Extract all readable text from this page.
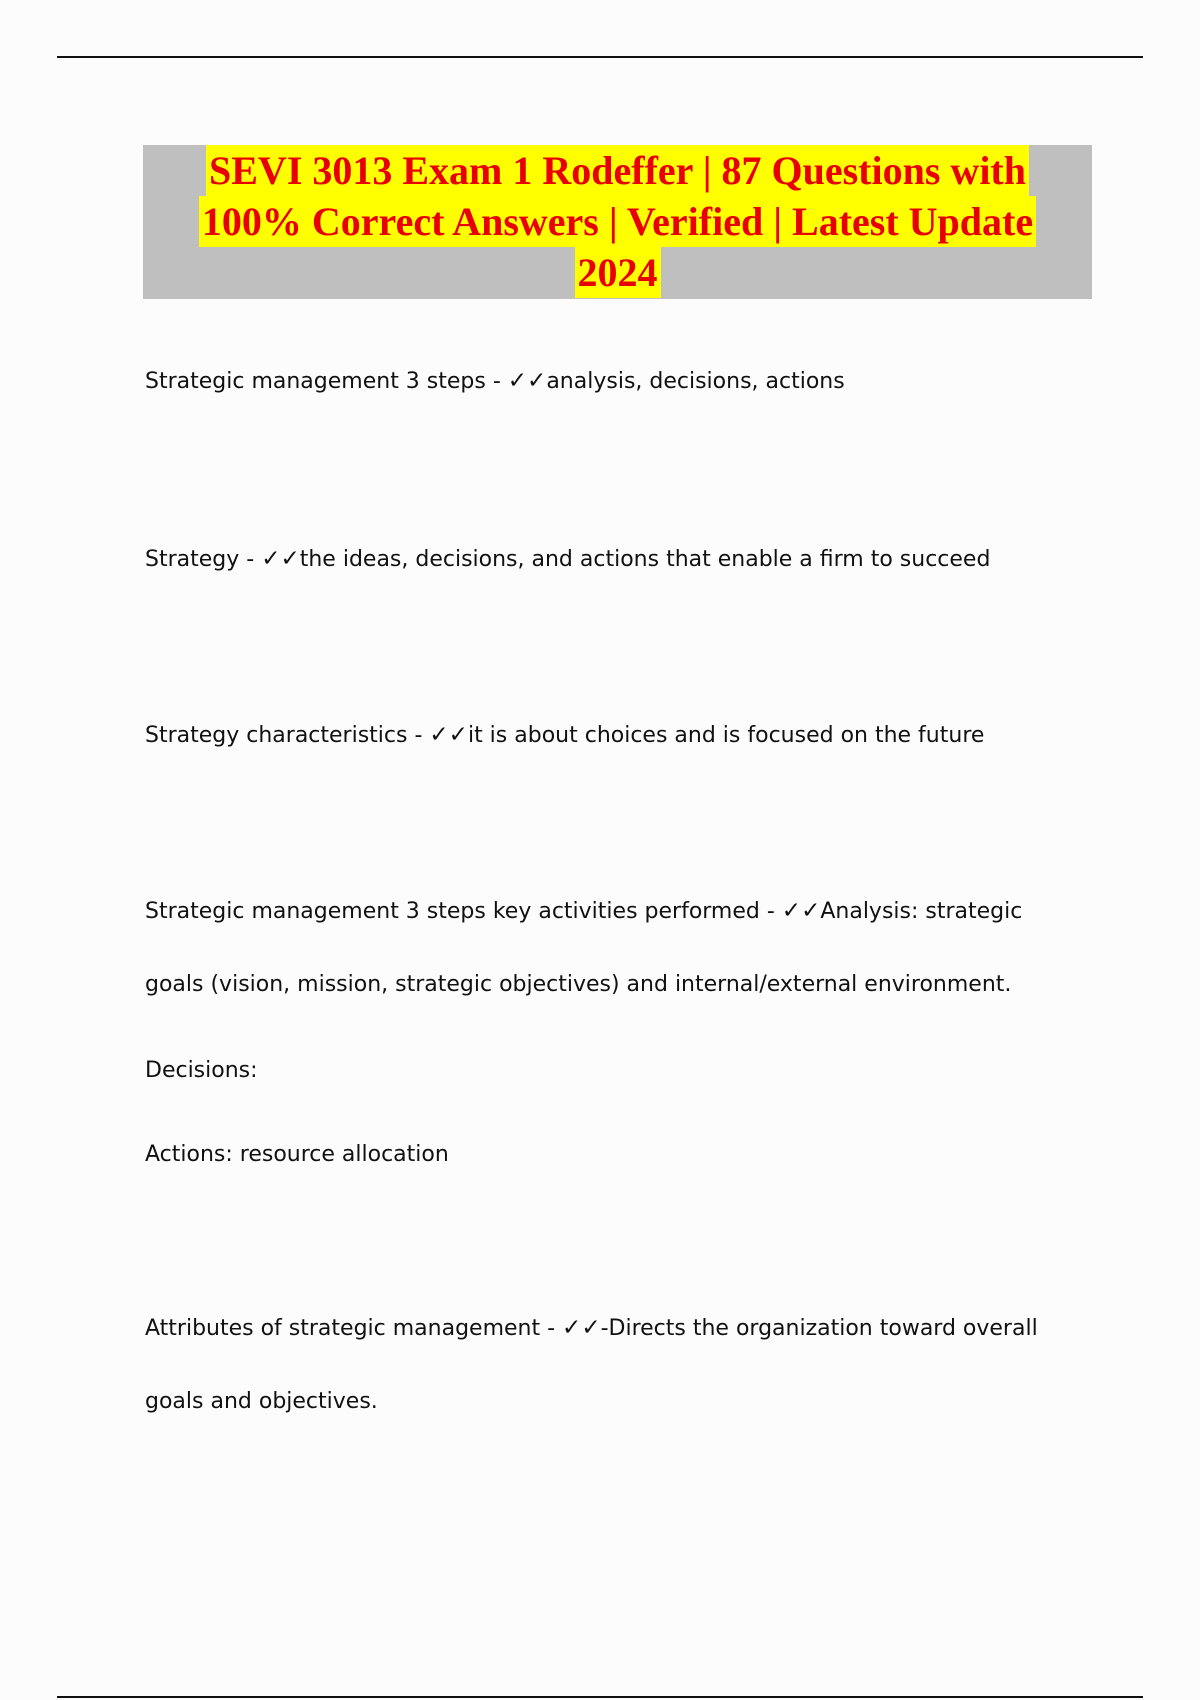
SEVI 3013 Exam 1 Rodeffer | 87 Questions with
100% Correct Answers | Verified | Latest Update
2024

Strategic management 3 steps - ✓✓analysis, decisions, actions

Strategy - ✓✓the ideas, decisions, and actions that enable a firm to succeed

Strategy characteristics - ✓✓it is about choices and is focused on the future

Strategic management 3 steps key activities performed - ✓✓Analysis: strategic
goals (vision, mission, strategic objectives) and internal/external environment.

Decisions:

Actions: resource allocation

Attributes of strategic management - ✓✓-Directs the organization toward overall
goals and objectives.
